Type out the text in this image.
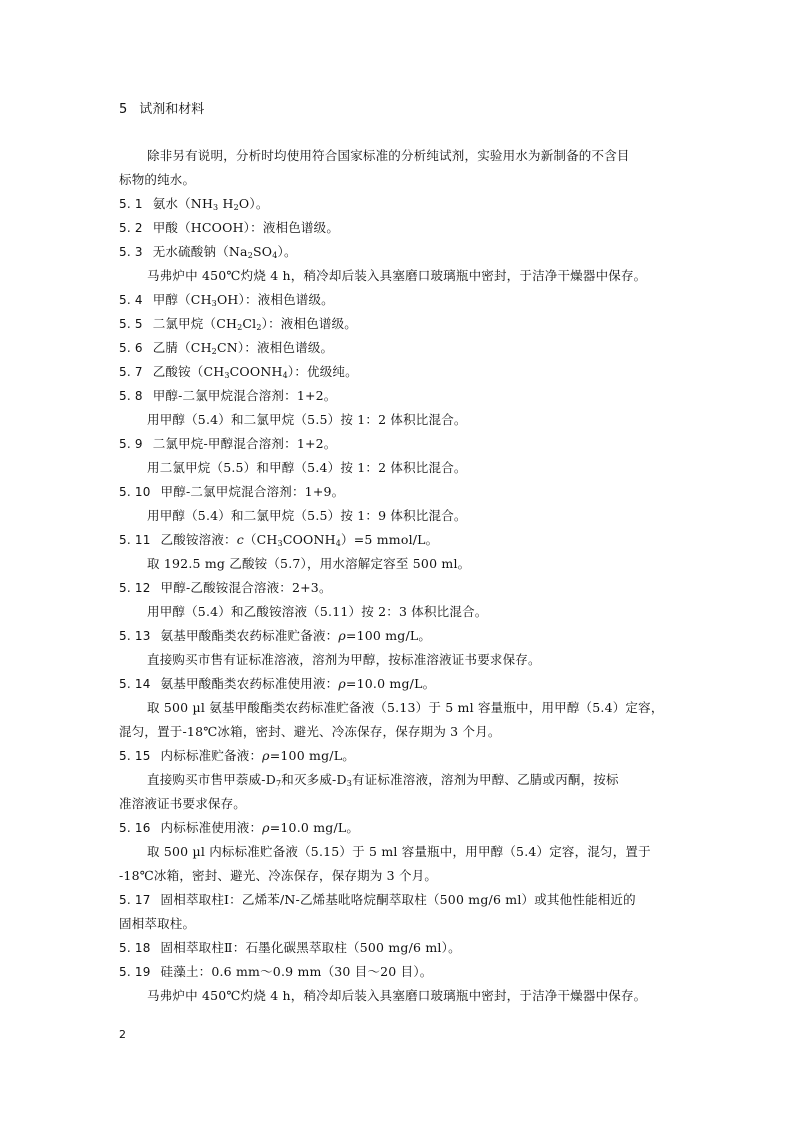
5 试剂和材料
除非另有说明，分析时均使用符合国家标准的分析纯试剂，实验用水为新制备的不含目
标物的纯水。
5. 1 氨水（$NH_3$ $H_2O$）。
5. 2 甲酸（HCOOH）：液相色谱级。
5. 3 无水硫酸钠$(Na_2SO_4)$。
马弗炉中 450℃灼烧 4 h，稍冷却后装入具塞磨口玻璃瓶中密封，于洁净干燥器中保存。
5. 4 甲醇$(CH_3OH)$：液相色谱级。
5. 5 二氯甲烷$(CH_2Cl_2)$：液相色谱级。
5. 6 乙腈$(CH_2CN)$：液相色谱级。
5. 7 乙酸铵$(CH_3COONH_4)$：优级纯。
5. 8 甲醇-二氯甲烷混合溶剂：1+2。
用甲醇（5.4）和二氯甲烷（5.5）按 1：2 体积比混合。
5. 9 二氯甲烷-甲醇混合溶剂：1+2。
用二氯甲烷（5.5）和甲醇（5.4）按 1：2 体积比混合。
5. 10 甲醇-二氯甲烷混合溶剂：1+9。
用甲醇（5.4）和二氯甲烷（5.5）按 1：9 体积比混合。
5. 11 乙酸铵溶液：$c(CH_3COONH_4)=5$ mmol/L。
取 192.5 mg 乙酸铵（5.7），用水溶解定容至 500 ml。
5. 12 甲醇-乙酸铵混合溶液：2+3。
用甲醇（5.4）和乙酸铵溶液（5.11）按 2：3 体积比混合。
5. 13 氨基甲酸酯类农药标准贮备液：ρ=100 mg/L。
直接购买市售有证标准溶液，溶剂为甲醇，按标准溶液证书要求保存。
5. 14 氨基甲酸酯类农药标准使用液：ρ=10.0 mg/L。
取 500 µl 氨基甲酸酯类农药标准贮备液（5.13）于 5 ml 容量瓶中，用甲醇（5.4）定容，
混匀，置于-18℃冰箱，密封、避光、冷冻保存，保存期为 3 个月。
5. 15 内标标准贮备液：ρ=100 mg/L。
直接购买市售甲萘威$-D_7$和灭多威$-D_3$有证标准溶液，溶剂为甲醇、乙腈或丙酮，按标
准溶液证书要求保存。
5. 16 内标标准使用液：ρ=10.0 mg/L。
取 500 µl 内标标准贮备液（5.15）于 5 ml 容量瓶中，用甲醇（5.4）定容，混匀，置于
-18℃冰箱，密封、避光、冷冻保存，保存期为 3 个月。
5. 17 固相萃取柱Ⅰ：乙烯苯/N-乙烯基吡咯烷酮萃取柱（500 mg/6 ml）或其他性能相近的
固相萃取柱。
5. 18 固相萃取柱Ⅱ：石墨化碳黑萃取柱（500 mg/6 ml）。
5. 19 硅藻土：0.6 mm～0.9 mm（30 目～20 目）。
马弗炉中 450℃灼烧 4 h，稍冷却后装入具塞磨口玻璃瓶中密封，于洁净干燥器中保存。
2
